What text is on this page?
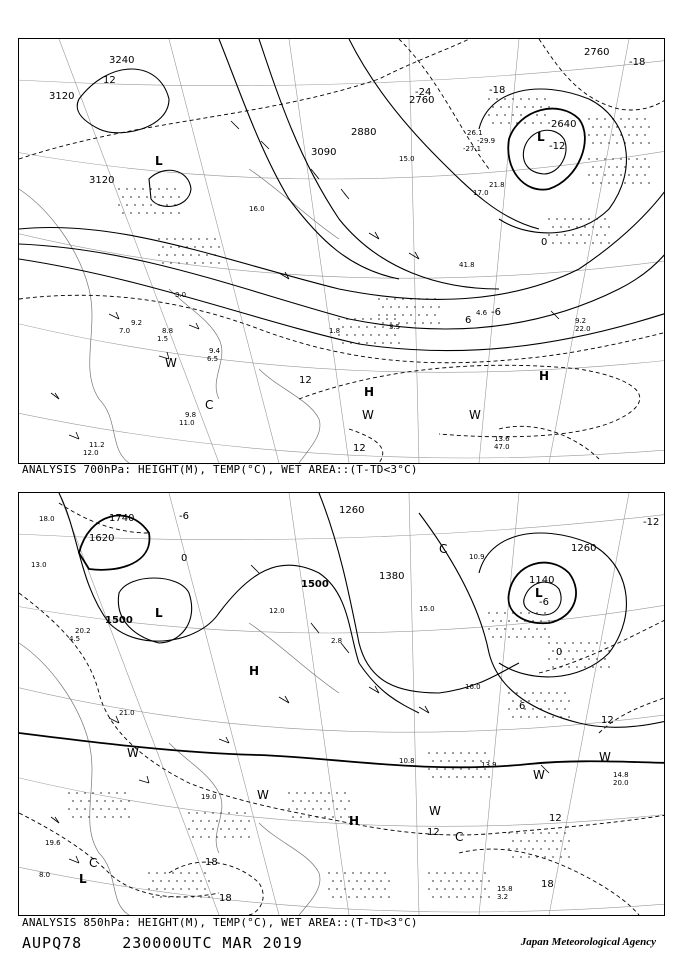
3240
3120
3120
3090
2880
2760
2760
2640
-18
-24
-12
-6
0
6
12
12
12
-18
L
L
H
H
C
W
W	W
9.2
7.0	8.8
1.5
9.4
6.5
9.8
11.0
11.2
12.0
13.6
47.0
9.2
22.0
4.6
3.5
1.8
41.8
15.0
17.0
26.1
21.8
-29.9
-27.1
3.0
16.0
ANALYSIS 700hPa: HEIGHT(M), TEMP(°C), WET AREA::(T-TD<3°C)
1740
1620
1500
1500
1380
1260
1260
1140
-6
0
6
12
12
12
18
18
18
0
-6
-12
L
L
L
H
H
C
C
C
W
W
W
W
W
18.0
13.0
20.2
4.5
21.0
19.0
13.9
14.8
20.0
15.8
3.2
19.6
8.0
10.9
16.0
15.0
2.8
10.8
12.0
ANALYSIS 850hPa: HEIGHT(M), TEMP(°C), WET AREA::(T-TD<3°C)
AUPQ78	230000UTC MAR 2019	Japan Meteorological Agency
